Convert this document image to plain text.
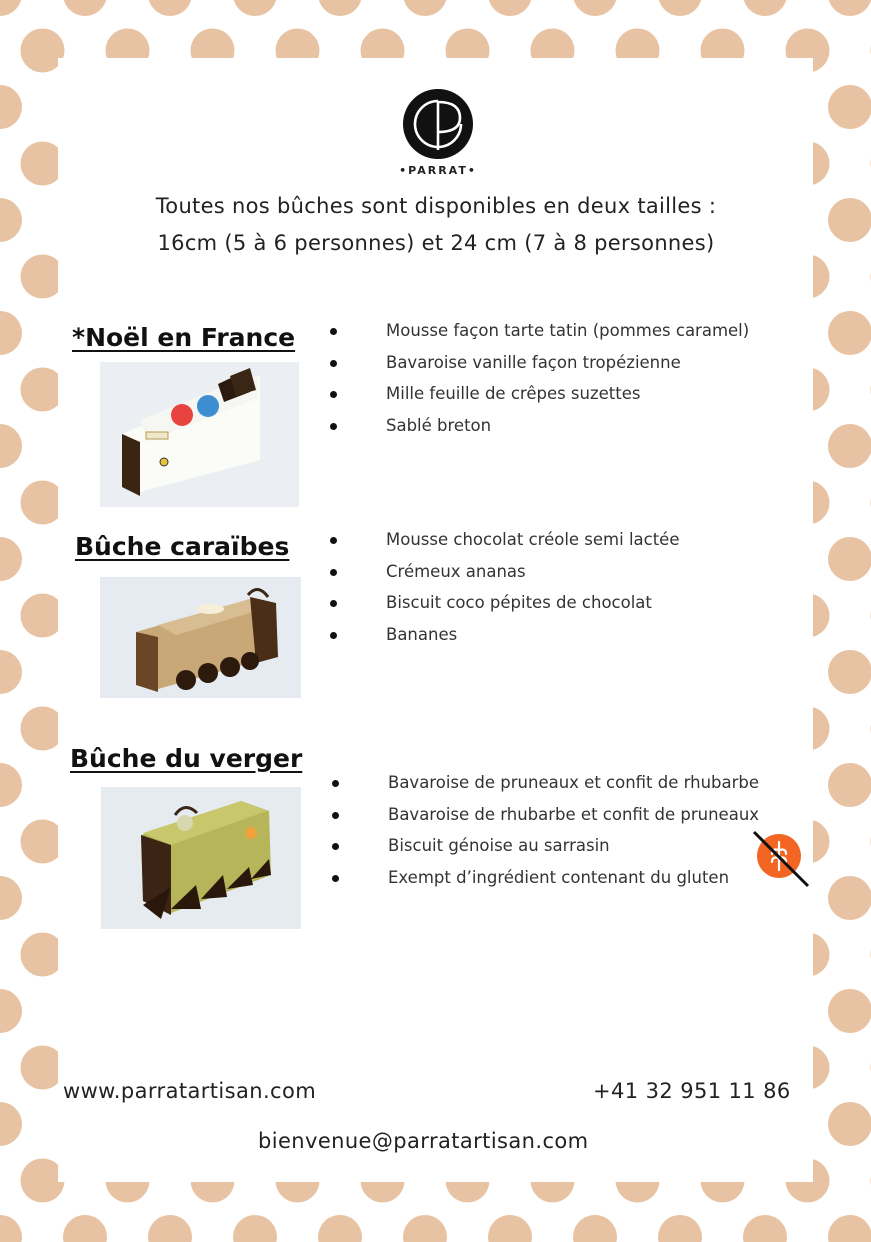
•PARRAT•
Toutes nos bûches sont disponibles en deux tailles :
16cm (5 à 6 personnes) et 24 cm (7 à 8 personnes)
*Noël en France	Mousse façon tarte tatin (pommes caramel)
Bavaroise vanille façon tropézienne
Mille feuille de crêpes suzettes
Sablé breton
Bûche caraïbes	Mousse chocolat créole semi lactée
Crémeux ananas
Biscuit coco pépites de chocolat
Bananes
Bûche du verger
Bavaroise de pruneaux et confit de rhubarbe
Bavaroise de rhubarbe et confit de pruneaux
Biscuit génoise au sarrasin
Exempt d’ingrédient contenant du gluten
www.parratartisan.com	+41 32 951 11 86
bienvenue@parratartisan.com
